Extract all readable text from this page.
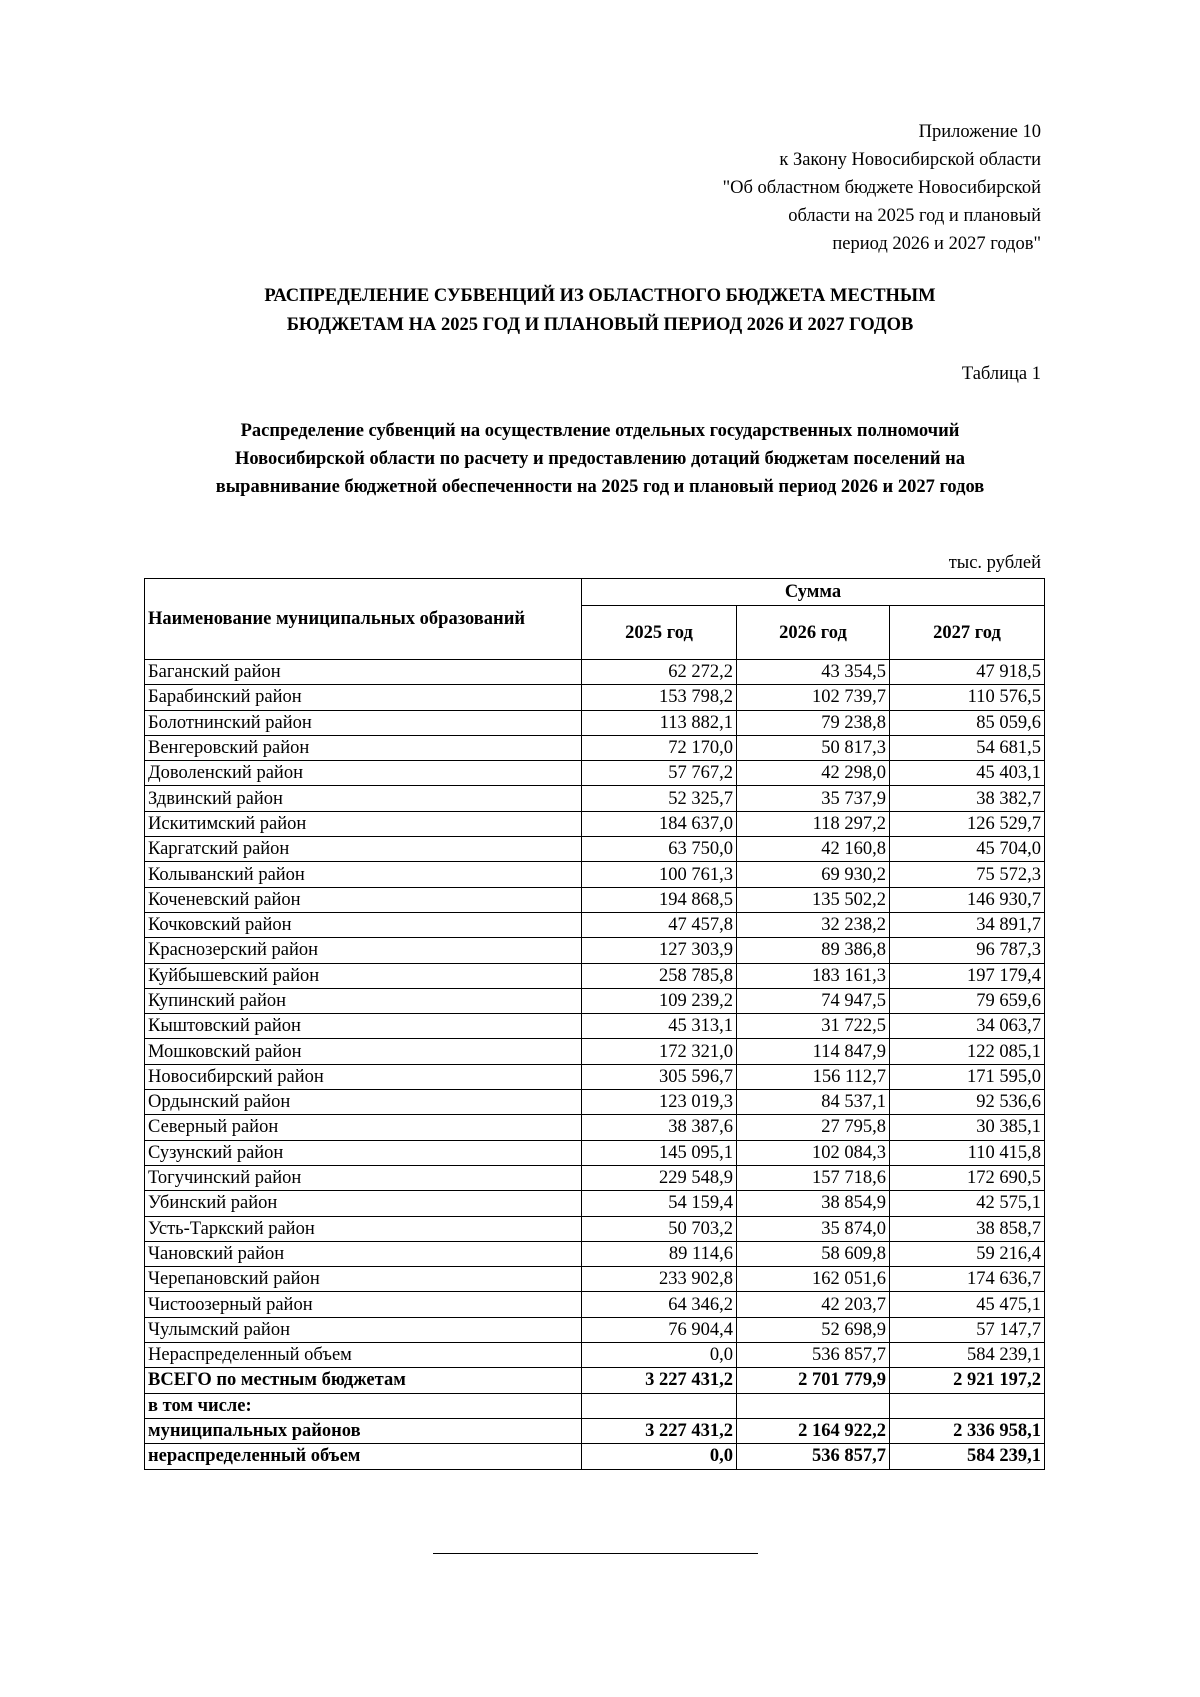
Приложение 10
к Закону Новосибирской области
"Об областном бюджете Новосибирской
области на 2025 год и плановый
период 2026 и 2027 годов"
РАСПРЕДЕЛЕНИЕ СУБВЕНЦИЙ ИЗ ОБЛАСТНОГО БЮДЖЕТА МЕСТНЫМ
БЮДЖЕТАМ НА 2025 ГОД И ПЛАНОВЫЙ ПЕРИОД 2026 И 2027 ГОДОВ
Таблица 1
Распределение субвенций на осуществление отдельных государственных полномочий
Новосибирской области по расчету и предоставлению дотаций бюджетам поселений на
выравнивание бюджетной обеспеченности на 2025 год и плановый период 2026 и 2027 годов
тыс. рублей
Наименование муниципальных образований	Сумма		
	2025 год	2026 год	2027 год
Баганский район	62 272,2	43 354,5	47 918,5
Барабинский район	153 798,2	102 739,7	110 576,5
Болотнинский район	113 882,1	79 238,8	85 059,6
Венгеровский район	72 170,0	50 817,3	54 681,5
Доволенский район	57 767,2	42 298,0	45 403,1
Здвинский район	52 325,7	35 737,9	38 382,7
Искитимский район	184 637,0	118 297,2	126 529,7
Каргатский район	63 750,0	42 160,8	45 704,0
Колыванский район	100 761,3	69 930,2	75 572,3
Коченевский район	194 868,5	135 502,2	146 930,7
Кочковский район	47 457,8	32 238,2	34 891,7
Краснозерский район	127 303,9	89 386,8	96 787,3
Куйбышевский район	258 785,8	183 161,3	197 179,4
Купинский район	109 239,2	74 947,5	79 659,6
Кыштовский район	45 313,1	31 722,5	34 063,7
Мошковский район	172 321,0	114 847,9	122 085,1
Новосибирский район	305 596,7	156 112,7	171 595,0
Ордынский район	123 019,3	84 537,1	92 536,6
Северный район	38 387,6	27 795,8	30 385,1
Сузунский район	145 095,1	102 084,3	110 415,8
Тогучинский район	229 548,9	157 718,6	172 690,5
Убинский район	54 159,4	38 854,9	42 575,1
Усть-Таркский район	50 703,2	35 874,0	38 858,7
Чановский район	89 114,6	58 609,8	59 216,4
Черепановский район	233 902,8	162 051,6	174 636,7
Чистоозерный район	64 346,2	42 203,7	45 475,1
Чулымский район	76 904,4	52 698,9	57 147,7
Нераспределенный объем	0,0	536 857,7	584 239,1
ВСЕГО по местным бюджетам	3 227 431,2	2 701 779,9	2 921 197,2
в том числе:			
муниципальных районов	3 227 431,2	2 164 922,2	2 336 958,1
нераспределенный объем	0,0	536 857,7	584 239,1
